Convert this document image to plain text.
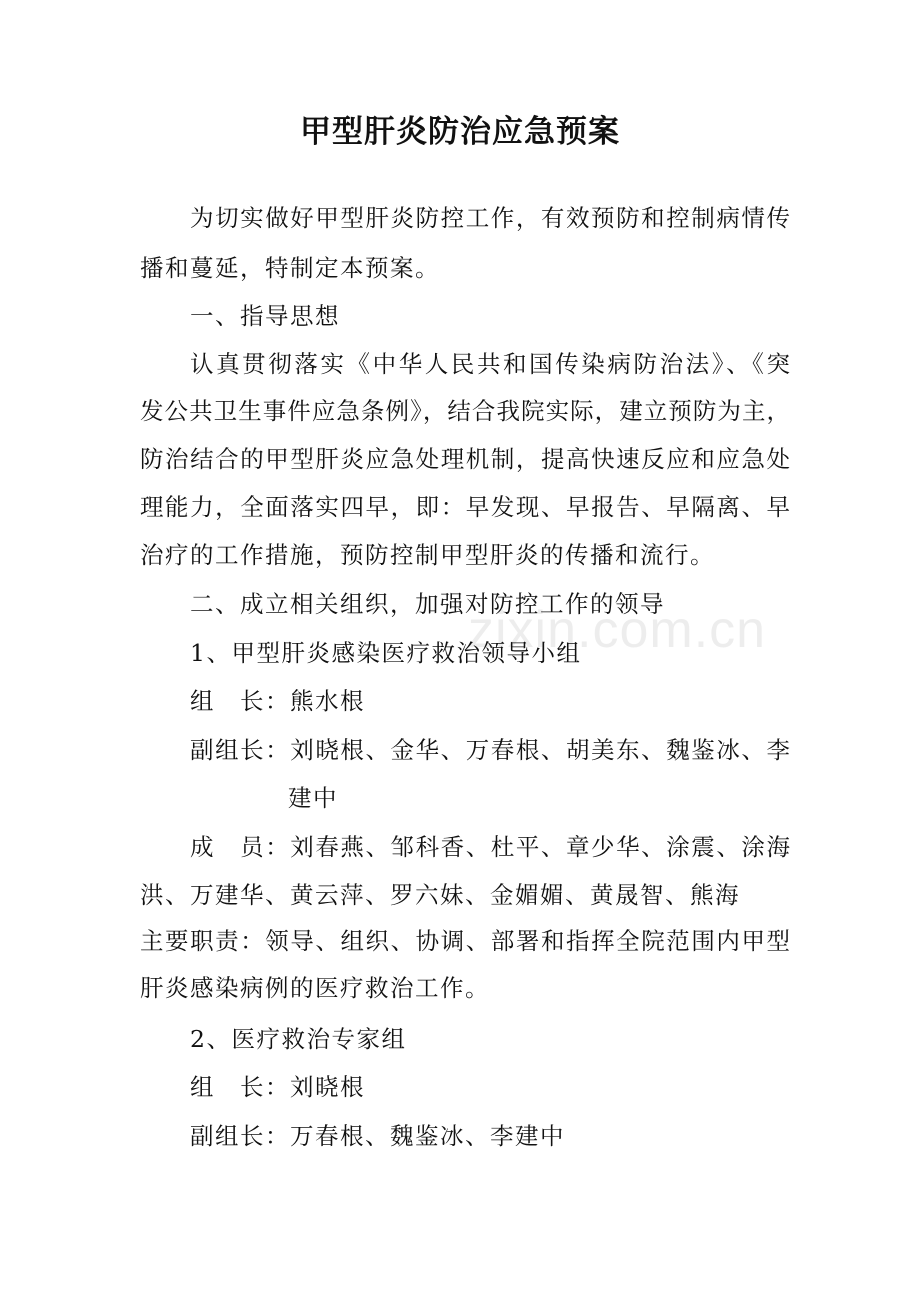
甲型肝炎防治应急预案
为切实做好甲型肝炎防控工作，有效预防和控制病情传
播和蔓延，特制定本预案。
一、指导思想
认真贯彻落实《中华人民共和国传染病防治法》、《突
发公共卫生事件应急条例》，结合我院实际，建立预防为主，
防治结合的甲型肝炎应急处理机制，提高快速反应和应急处
理能力，全面落实四早，即：早发现、早报告、早隔离、早
治疗的工作措施，预防控制甲型肝炎的传播和流行。
二、成立相关组织，加强对防控工作的领导
1、甲型肝炎感染医疗救治领导小组
组　长：熊水根
副组长：刘晓根、金华、万春根、胡美东、魏鉴冰、李
建中
成　员：刘春燕、邹科香、杜平、章少华、涂震、涂海
洪、万建华、黄云萍、罗六妹、金媚媚、黄晟智、熊海
主要职责：领导、组织、协调、部署和指挥全院范围内甲型
肝炎感染病例的医疗救治工作。
2、医疗救治专家组
组　长：刘晓根
副组长：万春根、魏鉴冰、李建中
zixin.com.cn
